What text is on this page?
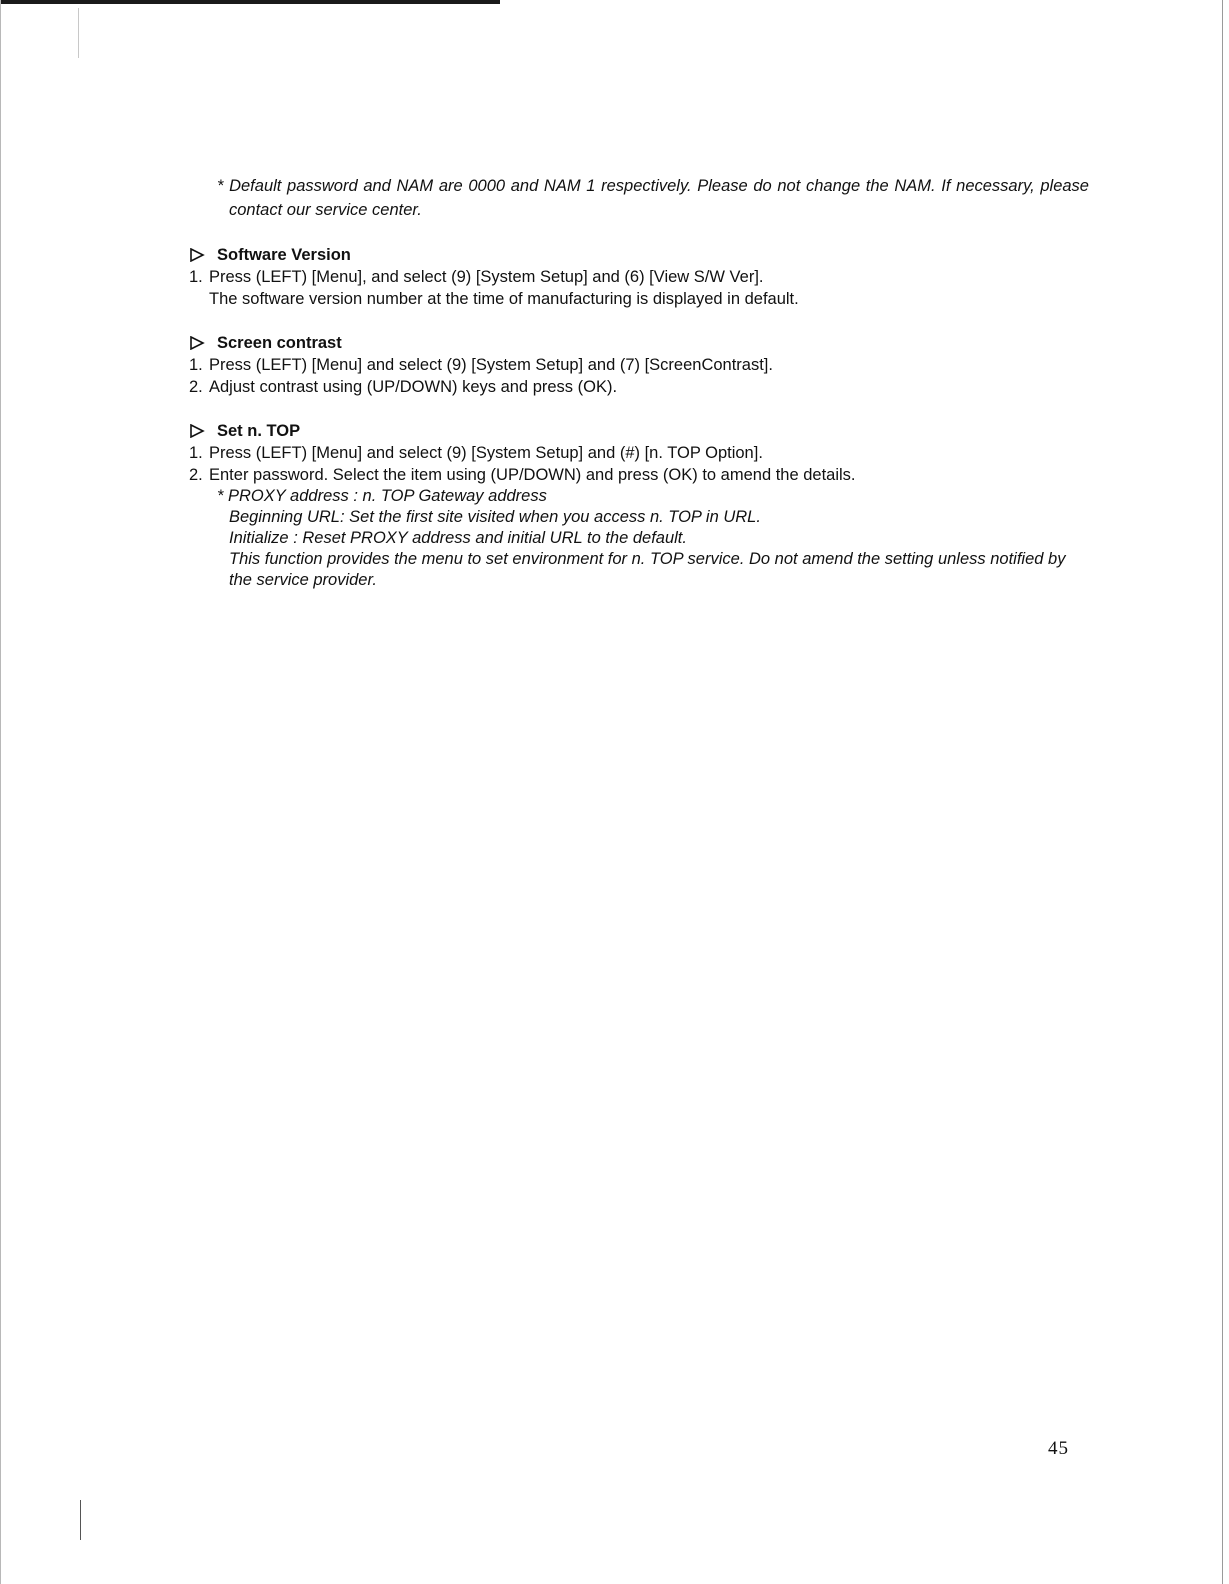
* Default password and NAM are 0000 and NAM 1 respectively. Please do not change the NAM. If necessary, please contact our service center.
Software Version
1. Press (LEFT) [Menu], and select (9) [System Setup] and (6) [View S/W Ver].
The software version number at the time of manufacturing is displayed in default.
Screen contrast
1. Press (LEFT) [Menu] and select (9) [System Setup] and (7) [ScreenContrast].
2. Adjust contrast using (UP/DOWN) keys and press (OK).
Set n. TOP
1. Press (LEFT) [Menu] and select (9) [System Setup] and (#) [n. TOP Option].
2. Enter password. Select the item using (UP/DOWN) and press (OK) to amend the details.
* PROXY address : n. TOP Gateway address
Beginning URL: Set the first site visited when you access n. TOP in URL.
Initialize : Reset PROXY address and initial URL to the default.
This function provides the menu to set environment for n. TOP service. Do not amend the setting unless notified by the service provider.
45
